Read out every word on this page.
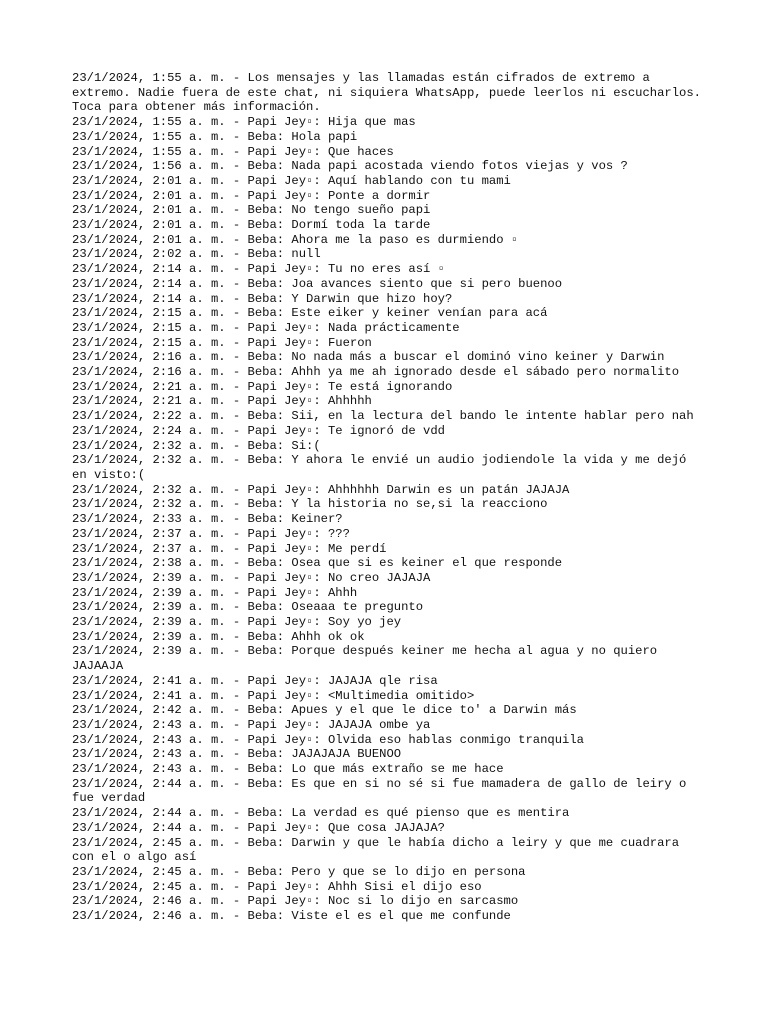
23/1/2024, 1:55 a. m. - Los mensajes y las llamadas están cifrados de extremo a extremo. Nadie fuera de este chat, ni siquiera WhatsApp, puede leerlos ni escucharlos. Toca para obtener más información.
23/1/2024, 1:55 a. m. - Papi Jey▫: Hija que mas
23/1/2024, 1:55 a. m. - Beba: Hola papi
23/1/2024, 1:55 a. m. - Papi Jey▫: Que haces
23/1/2024, 1:56 a. m. - Beba: Nada papi acostada viendo fotos viejas y vos ?
23/1/2024, 2:01 a. m. - Papi Jey▫: Aquí hablando con tu mami
23/1/2024, 2:01 a. m. - Papi Jey▫: Ponte a dormir
23/1/2024, 2:01 a. m. - Beba: No tengo sueño papi
23/1/2024, 2:01 a. m. - Beba: Dormí toda la tarde
23/1/2024, 2:01 a. m. - Beba: Ahora me la paso es durmiendo ▫
23/1/2024, 2:02 a. m. - Beba: null
23/1/2024, 2:14 a. m. - Papi Jey▫: Tu no eres así ▫
23/1/2024, 2:14 a. m. - Beba: Joa avances siento que si pero buenoo
23/1/2024, 2:14 a. m. - Beba: Y Darwin que hizo hoy?
23/1/2024, 2:15 a. m. - Beba: Este eiker y keiner venían para acá
23/1/2024, 2:15 a. m. - Papi Jey▫: Nada prácticamente
23/1/2024, 2:15 a. m. - Papi Jey▫: Fueron
23/1/2024, 2:16 a. m. - Beba: No nada más a buscar el dominó vino keiner y Darwin
23/1/2024, 2:16 a. m. - Beba: Ahhh ya me ah ignorado desde el sábado pero normalito
23/1/2024, 2:21 a. m. - Papi Jey▫: Te está ignorando
23/1/2024, 2:21 a. m. - Papi Jey▫: Ahhhhh
23/1/2024, 2:22 a. m. - Beba: Sii, en la lectura del bando le intente hablar pero nah
23/1/2024, 2:24 a. m. - Papi Jey▫: Te ignoró de vdd
23/1/2024, 2:32 a. m. - Beba: Si:(
23/1/2024, 2:32 a. m. - Beba: Y ahora le envié un audio jodiendole la vida y me dejó en visto:(
23/1/2024, 2:32 a. m. - Papi Jey▫: Ahhhhhh Darwin es un patán JAJAJA
23/1/2024, 2:32 a. m. - Beba: Y la historia no se,si la reacciono
23/1/2024, 2:33 a. m. - Beba: Keiner?
23/1/2024, 2:37 a. m. - Papi Jey▫: ???
23/1/2024, 2:37 a. m. - Papi Jey▫: Me perdí
23/1/2024, 2:38 a. m. - Beba: Osea que si es keiner el que responde
23/1/2024, 2:39 a. m. - Papi Jey▫: No creo JAJAJA
23/1/2024, 2:39 a. m. - Papi Jey▫: Ahhh
23/1/2024, 2:39 a. m. - Beba: Oseaaa te pregunto
23/1/2024, 2:39 a. m. - Papi Jey▫: Soy yo jey
23/1/2024, 2:39 a. m. - Beba: Ahhh ok ok
23/1/2024, 2:39 a. m. - Beba: Porque después keiner me hecha al agua y no quiero JAJAAJA
23/1/2024, 2:41 a. m. - Papi Jey▫: JAJAJA qle risa
23/1/2024, 2:41 a. m. - Papi Jey▫: <Multimedia omitido>
23/1/2024, 2:42 a. m. - Beba: Apues y el que le dice to' a Darwin más
23/1/2024, 2:43 a. m. - Papi Jey▫: JAJAJA ombe ya
23/1/2024, 2:43 a. m. - Papi Jey▫: Olvida eso hablas conmigo tranquila
23/1/2024, 2:43 a. m. - Beba: JAJAJAJA BUENOO
23/1/2024, 2:43 a. m. - Beba: Lo que más extraño se me hace
23/1/2024, 2:44 a. m. - Beba: Es que en si no sé si fue mamadera de gallo de leiry o fue verdad
23/1/2024, 2:44 a. m. - Beba: La verdad es qué pienso que es mentira
23/1/2024, 2:44 a. m. - Papi Jey▫: Que cosa JAJAJA?
23/1/2024, 2:45 a. m. - Beba: Darwin y que le había dicho a leiry y que me cuadrara con el o algo así
23/1/2024, 2:45 a. m. - Beba: Pero y que se lo dijo en persona
23/1/2024, 2:45 a. m. - Papi Jey▫: Ahhh Sisi el dijo eso
23/1/2024, 2:46 a. m. - Papi Jey▫: Noc si lo dijo en sarcasmo
23/1/2024, 2:46 a. m. - Beba: Viste el es el que me confunde
